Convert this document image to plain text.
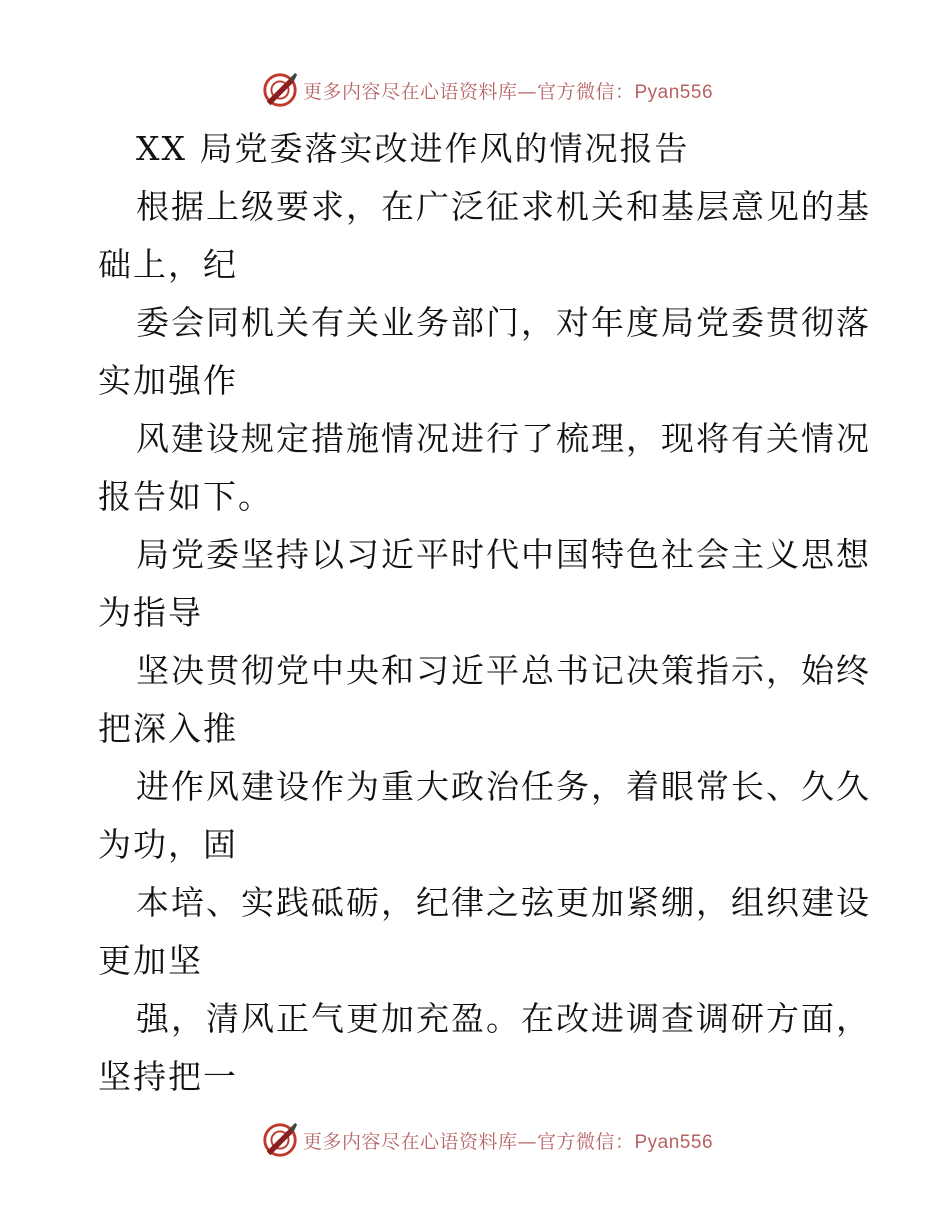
更多内容尽在心语资料库—官方微信：Pyan556
XX 局党委落实改进作风的情况报告
根据上级要求，在广泛征求机关和基层意见的基
础上，纪
委会同机关有关业务部门，对年度局党委贯彻落
实加强作
风建设规定措施情况进行了梳理，现将有关情况
报告如下。
局党委坚持以习近平时代中国特色社会主义思想
为指导
坚决贯彻党中央和习近平总书记决策指示，始终
把深入推
进作风建设作为重大政治任务，着眼常长、久久
为功，固
本培、实践砥砺，纪律之弦更加紧绷，组织建设
更加坚
强，清风正气更加充盈。在改进调查调研方面，
坚持把一
更多内容尽在心语资料库—官方微信：Pyan556
